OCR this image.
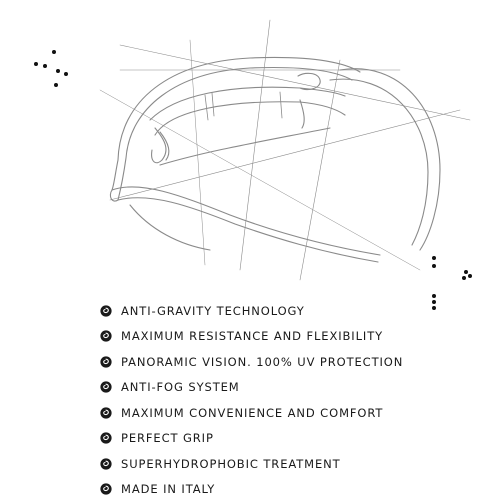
ANTI-GRAVITY TECHNOLOGY
MAXIMUM RESISTANCE AND FLEXIBILITY
PANORAMIC VISION. 100% UV PROTECTION
ANTI-FOG SYSTEM
MAXIMUM CONVENIENCE AND COMFORT
PERFECT GRIP
SUPERHYDROPHOBIC TREATMENT
MADE IN ITALY
